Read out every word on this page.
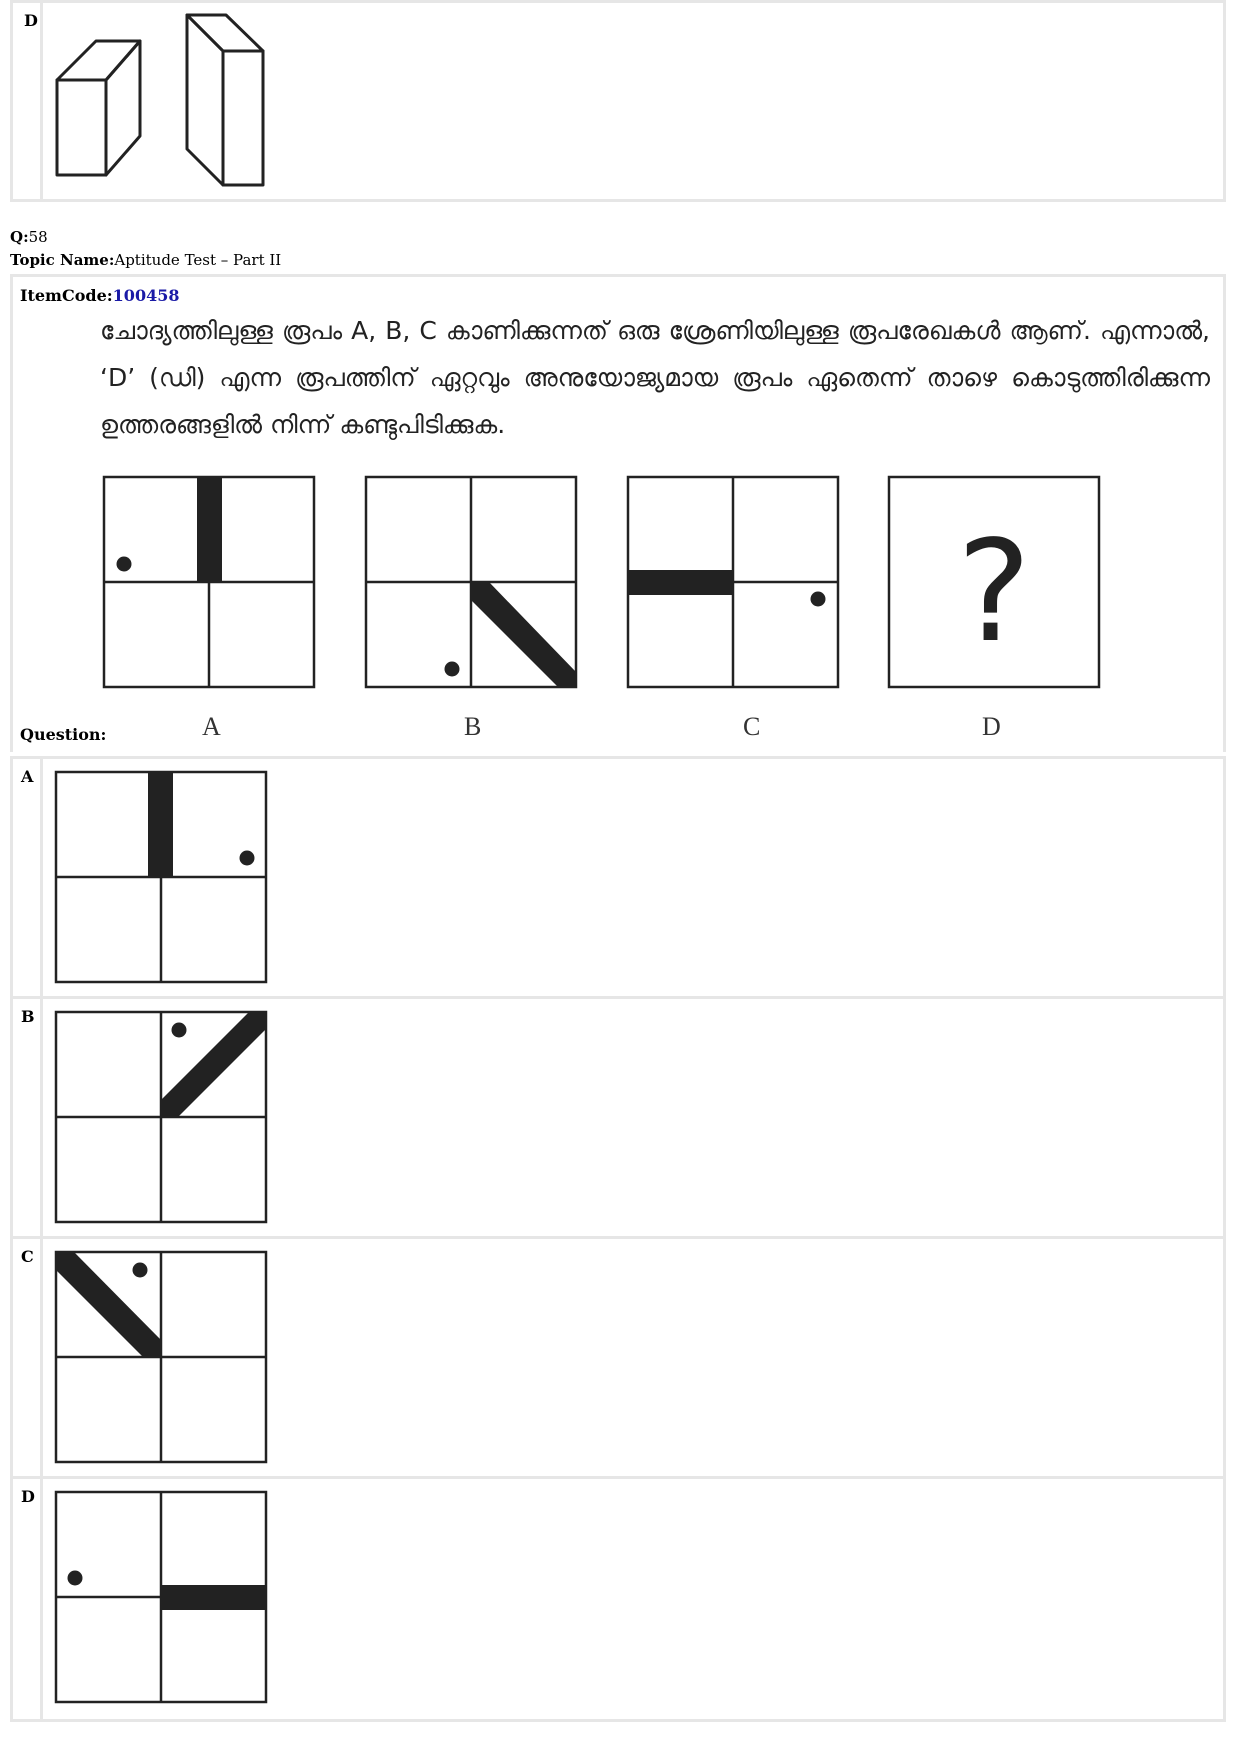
D
Q:58
Topic Name:Aptitude Test – Part II
ItemCode:100458
ചോദ്യത്തിലുള്ള രൂപം A, B, C കാണിക്കുന്നത് ഒരു ശ്രേണിയിലുള്ള രൂപരേഖകൾ ആണ്. എന്നാൽ, ‘D’ (ഡി) എന്ന രൂപത്തിന് ഏറ്റവും അനുയോജ്യമായ രൂപം ഏതെന്ന് താഴെ കൊടുത്തിരിക്കുന്ന ഉത്തരങ്ങളിൽ നിന്ന് കണ്ടുപിടിക്കുക.
?
A	B	C	D
Question:
A
B
C
D
